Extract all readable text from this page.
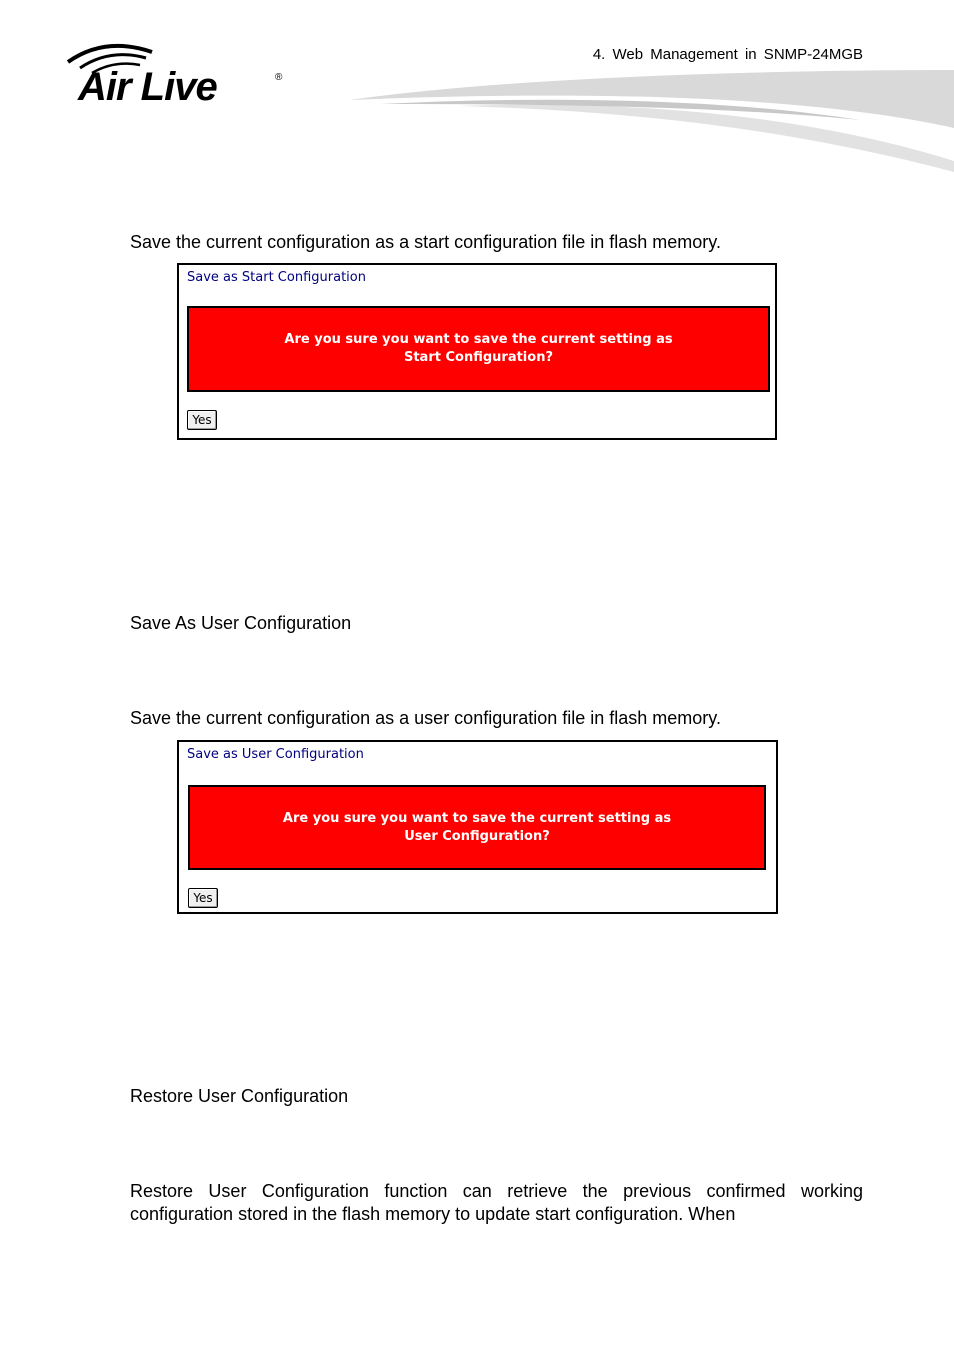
Air Live	®
4. Web Management in SNMP-24MGB
Save the current configuration as a start configuration file in flash memory.
Save as Start Configuration
Are you sure you want to save the current setting as
Start Configuration?
Yes
Save As User Configuration
Save the current configuration as a user configuration file in flash memory.
Save as User Configuration
Are you sure you want to save the current setting as
User Configuration?
Yes
Restore User Configuration
Restore User Configuration function can retrieve the previous confirmed working configuration stored in the flash memory to update start configuration. When
